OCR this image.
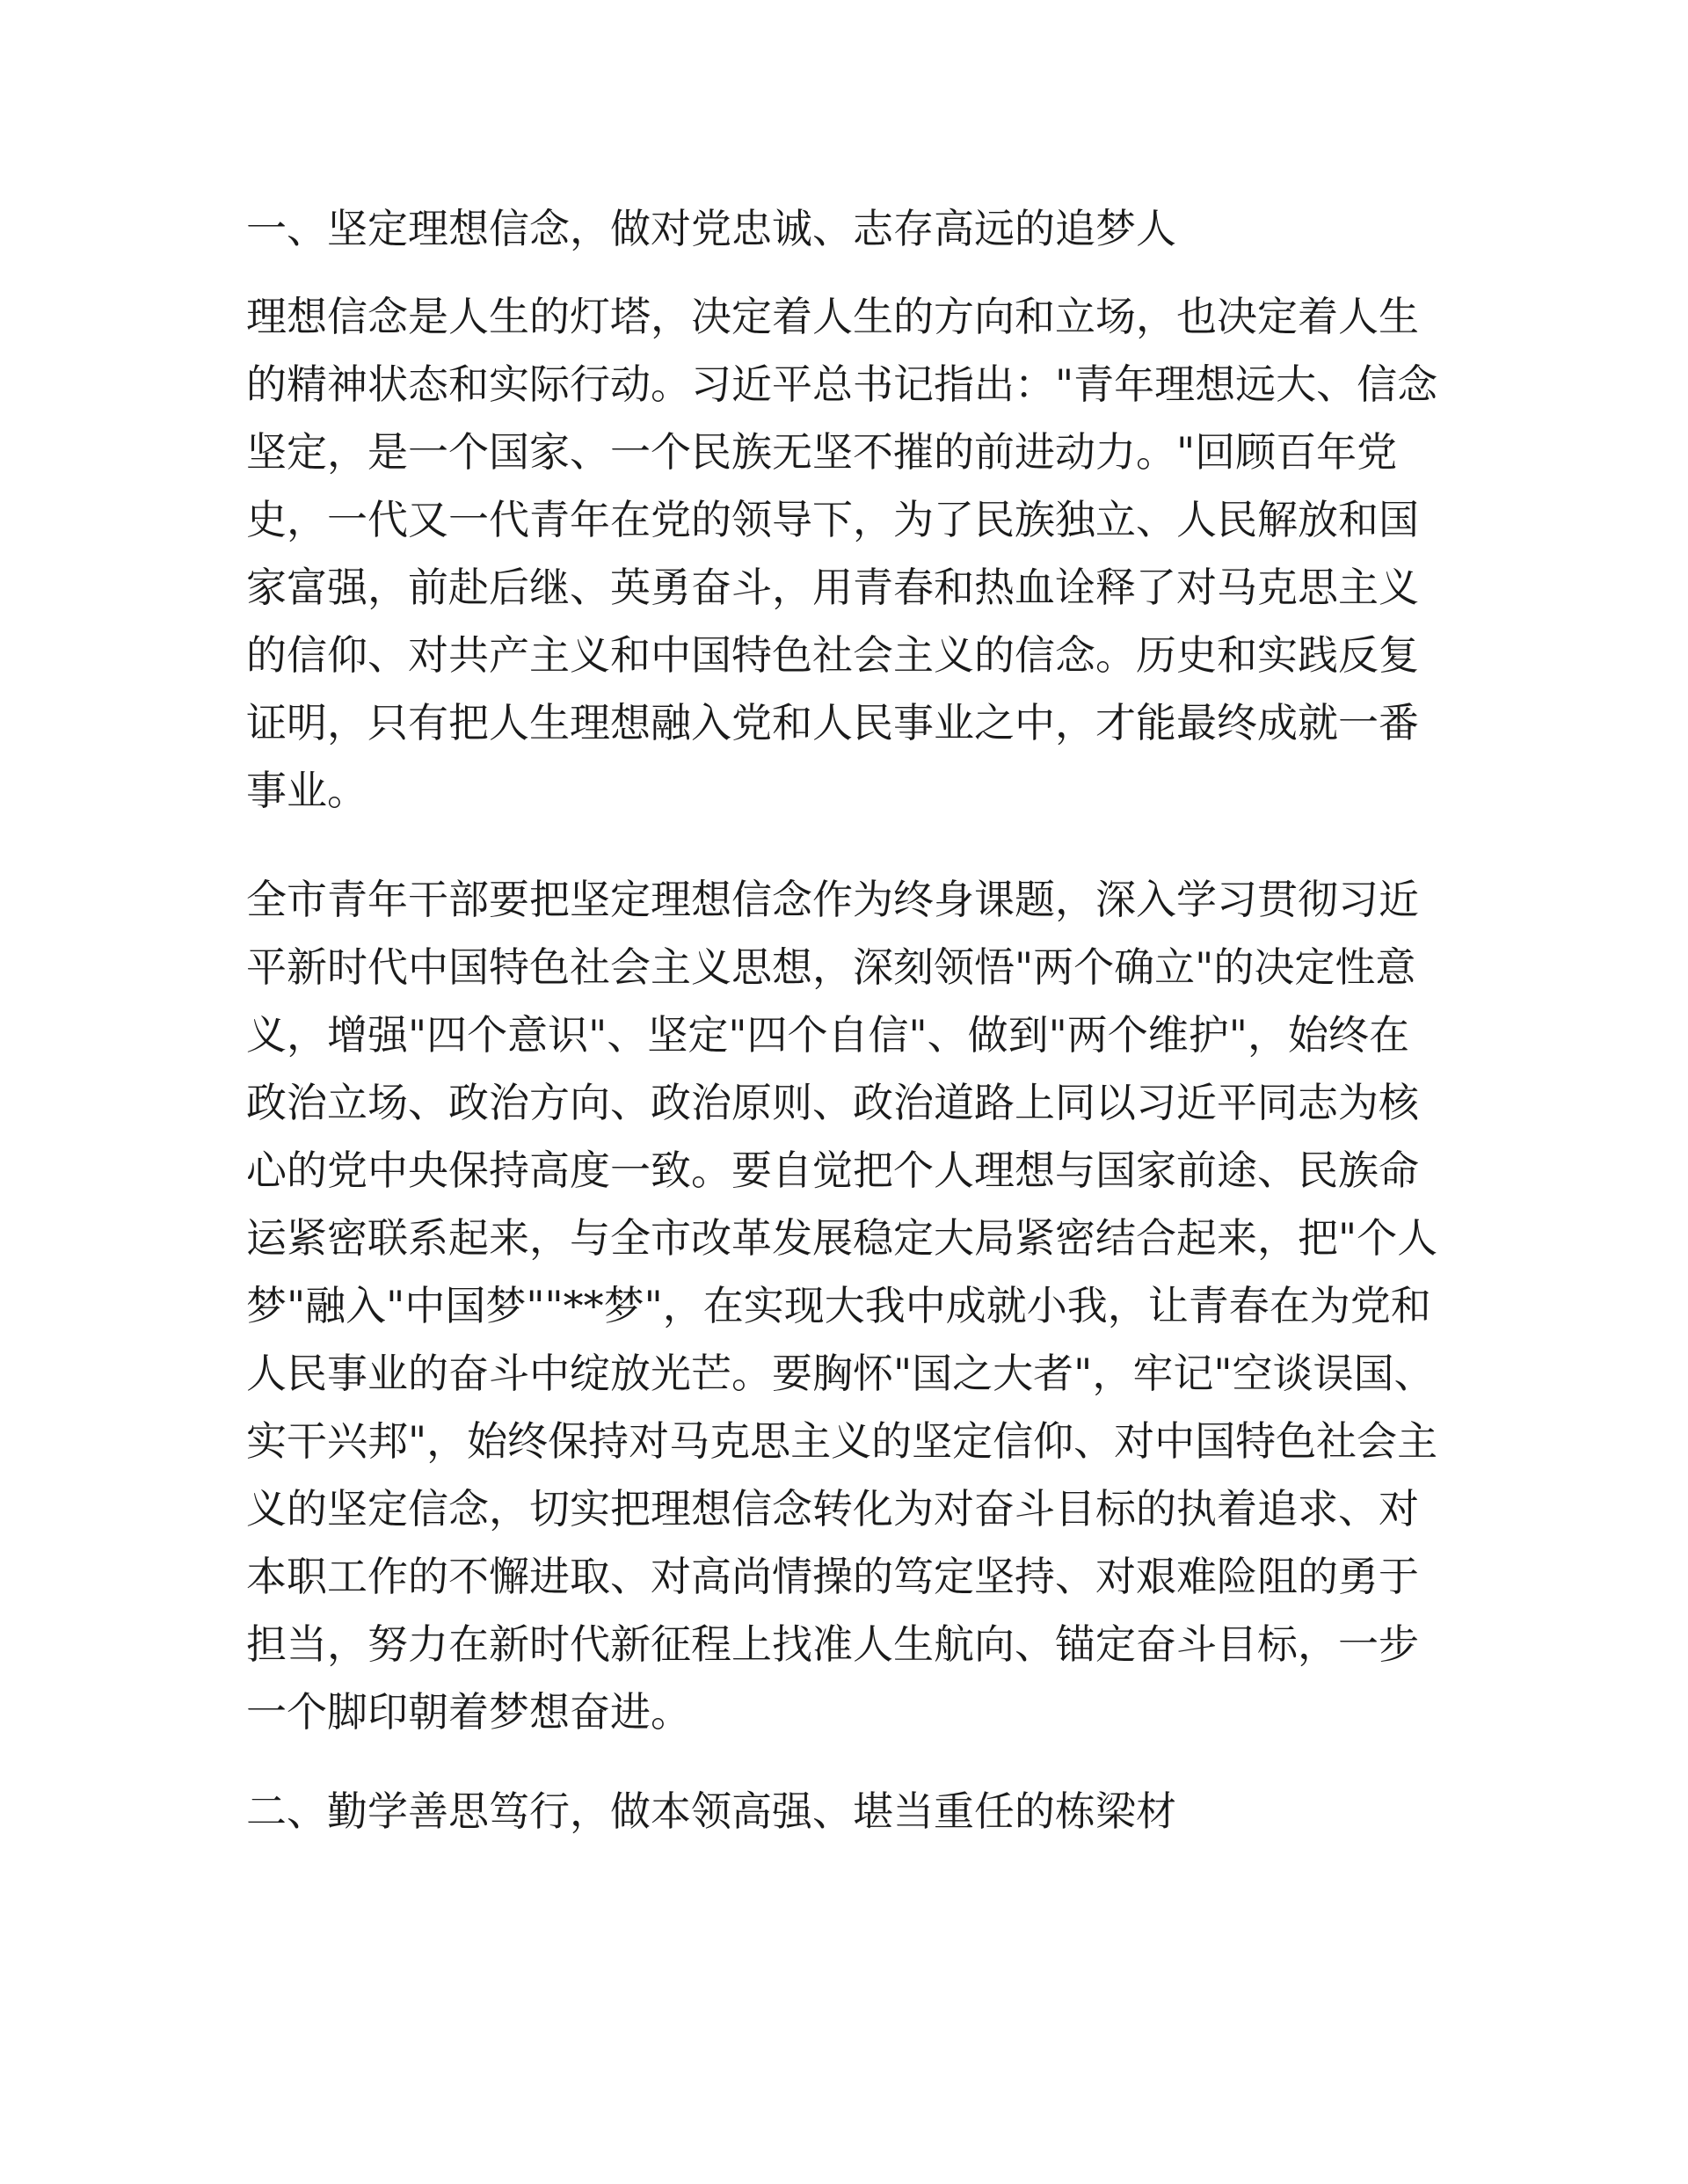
一、坚定理想信念，做对党忠诚、志存高远的追梦人

理想信念是人生的灯塔，决定着人生的方向和立场，也决定着人生的精神状态和实际行动。习近平总书记指出："青年理想远大、信念坚定，是一个国家、一个民族无坚不摧的前进动力。"回顾百年党史，一代又一代青年在党的领导下，为了民族独立、人民解放和国家富强，前赴后继、英勇奋斗，用青春和热血诠释了对马克思主义的信仰、对共产主义和中国特色社会主义的信念。历史和实践反复证明，只有把人生理想融入党和人民事业之中，才能最终成就一番事业。

全市青年干部要把坚定理想信念作为终身课题，深入学习贯彻习近平新时代中国特色社会主义思想，深刻领悟"两个确立"的决定性意义，增强"四个意识"、坚定"四个自信"、做到"两个维护"，始终在政治立场、政治方向、政治原则、政治道路上同以习近平同志为核心的党中央保持高度一致。要自觉把个人理想与国家前途、民族命运紧密联系起来，与全市改革发展稳定大局紧密结合起来，把"个人梦"融入"中国梦""**梦"，在实现大我中成就小我，让青春在为党和人民事业的奋斗中绽放光芒。要胸怀"国之大者"，牢记"空谈误国、实干兴邦"，始终保持对马克思主义的坚定信仰、对中国特色社会主义的坚定信念，切实把理想信念转化为对奋斗目标的执着追求、对本职工作的不懈进取、对高尚情操的笃定坚持、对艰难险阻的勇于担当，努力在新时代新征程上找准人生航向、锚定奋斗目标，一步一个脚印朝着梦想奋进。

二、勤学善思笃行，做本领高强、堪当重任的栋梁材
